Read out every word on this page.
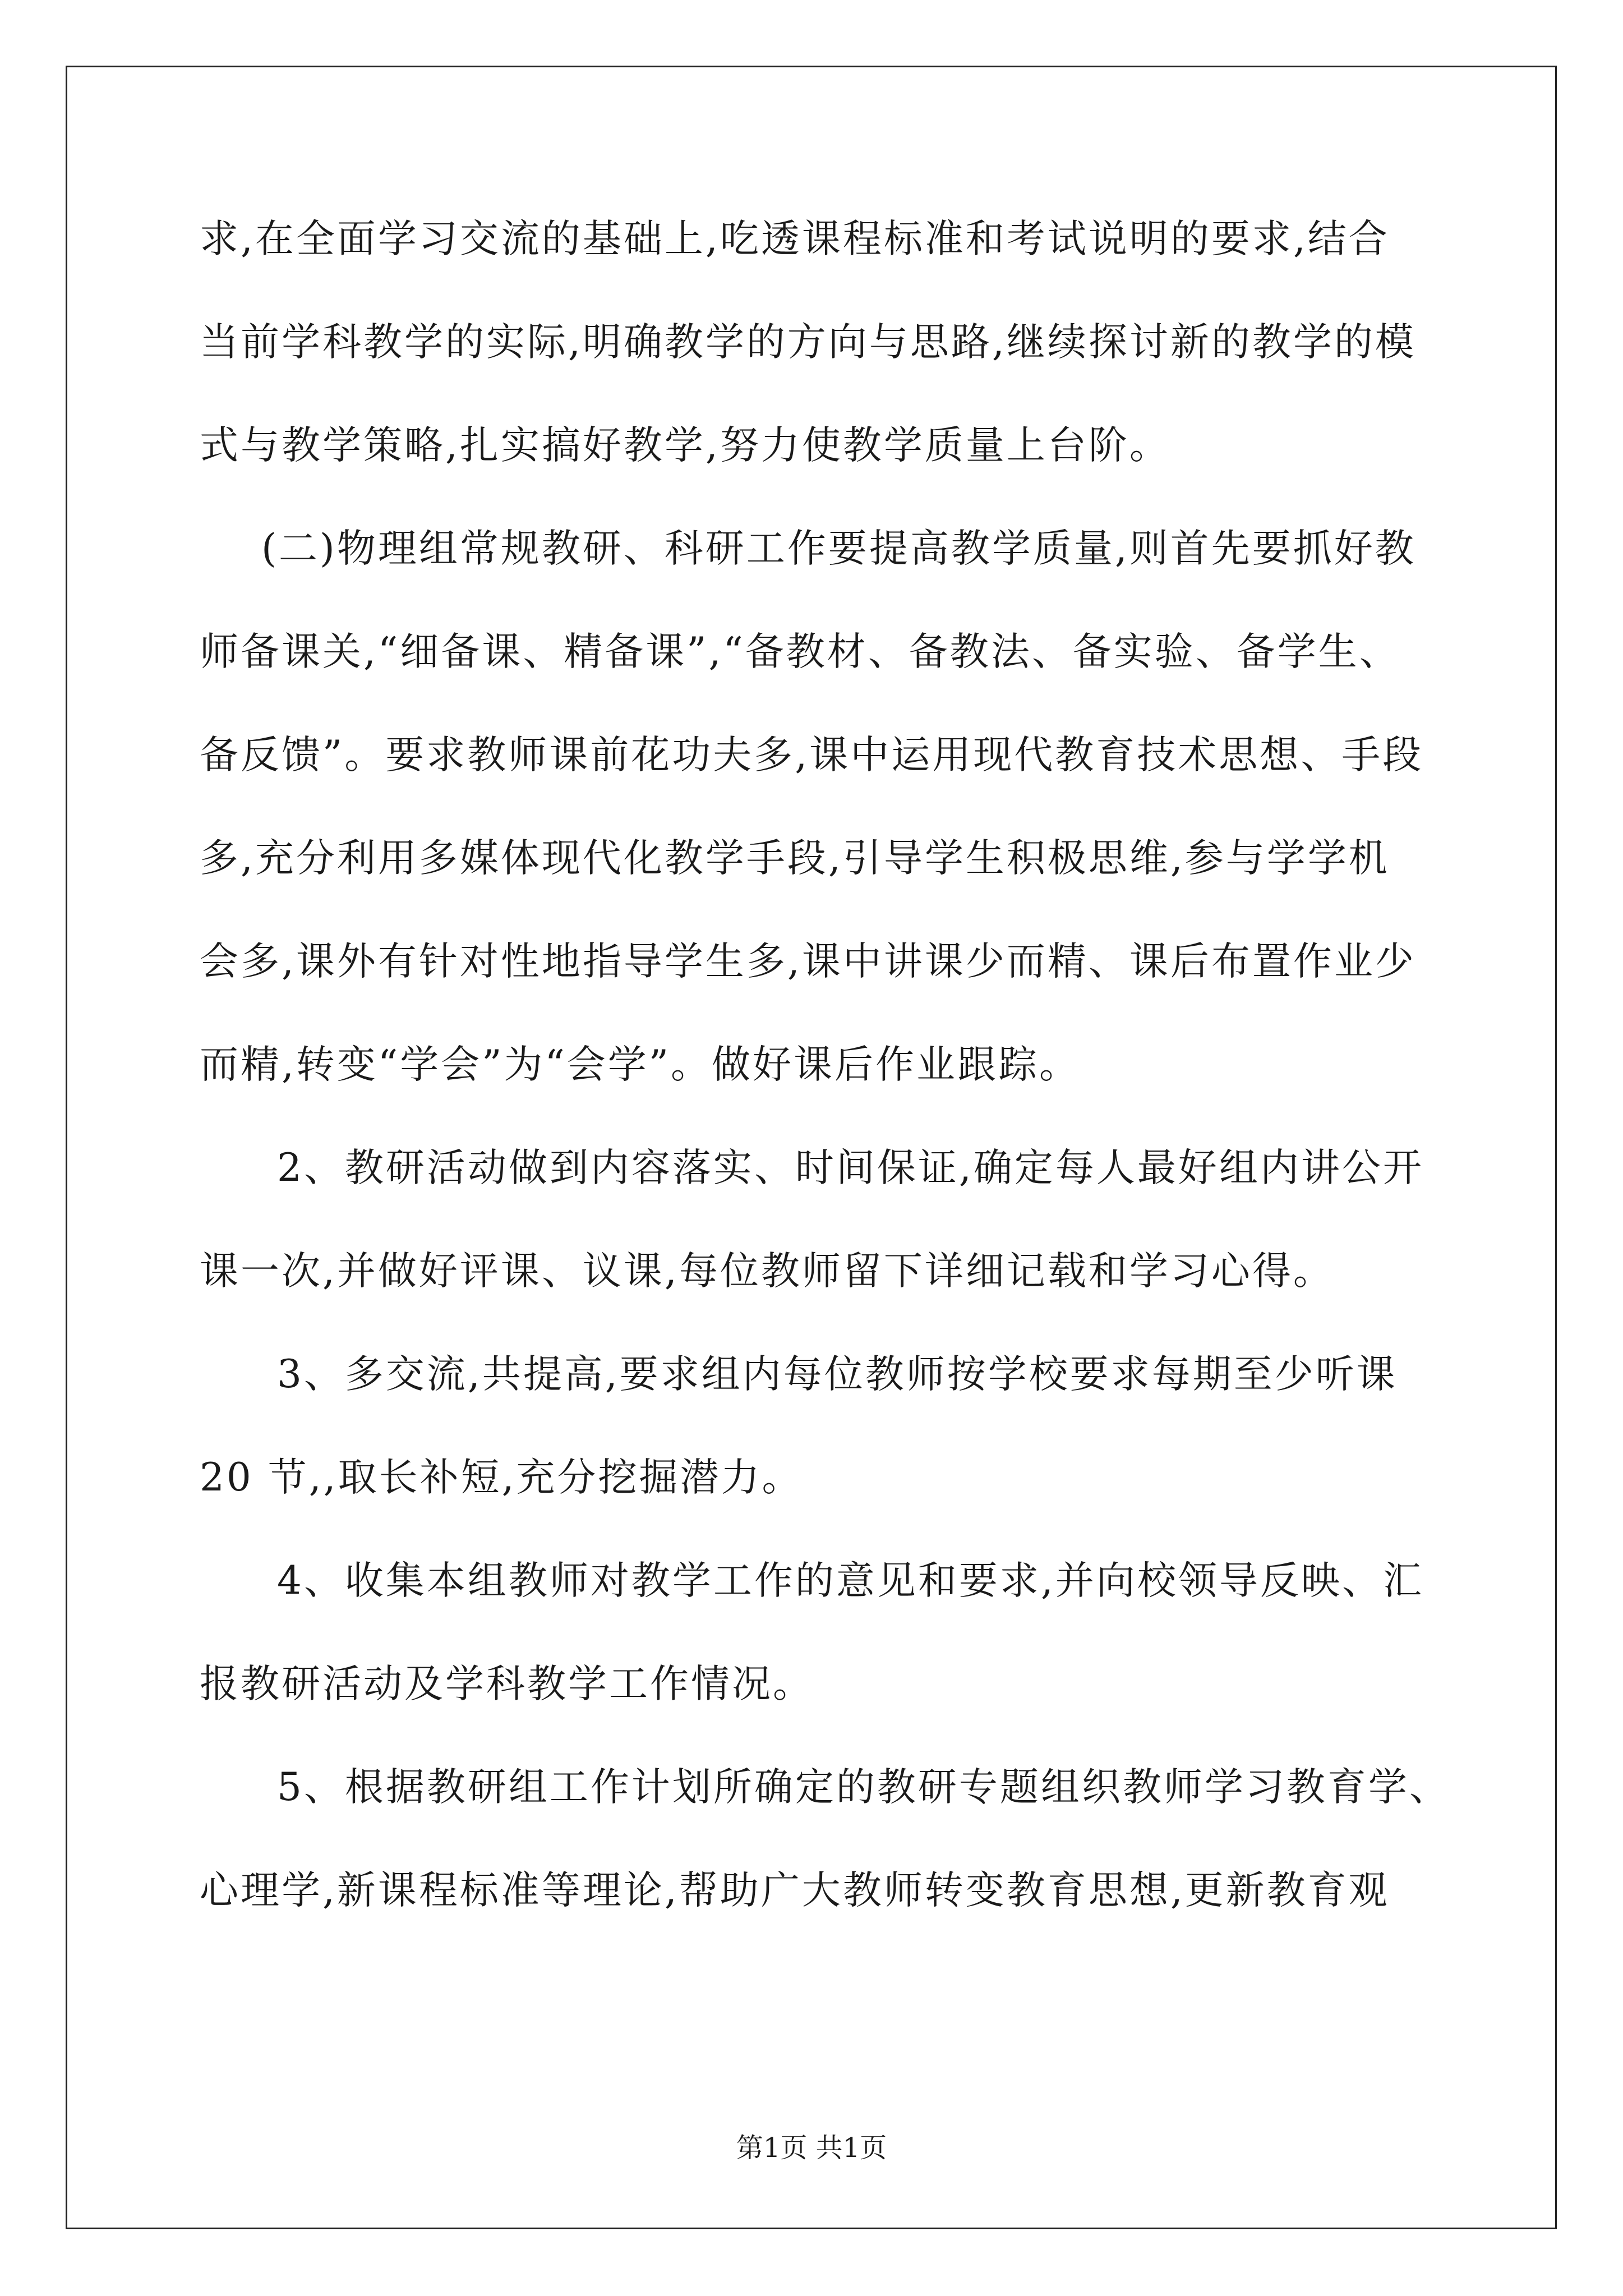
求,在全面学习交流的基础上,吃透课程标准和考试说明的要求,结合
当前学科教学的实际,明确教学的方向与思路,继续探讨新的教学的模
式与教学策略,扎实搞好教学,努力使教学质量上台阶。
(二)物理组常规教研、科研工作要提高教学质量,则首先要抓好教
师备课关,“细备课、精备课”,“备教材、备教法、备实验、备学生、
备反馈”。要求教师课前花功夫多,课中运用现代教育技术思想、手段
多,充分利用多媒体现代化教学手段,引导学生积极思维,参与学学机
会多,课外有针对性地指导学生多,课中讲课少而精、课后布置作业少
而精,转变“学会”为“会学”。做好课后作业跟踪。
2、教研活动做到内容落实、时间保证,确定每人最好组内讲公开
课一次,并做好评课、议课,每位教师留下详细记载和学习心得。
3、多交流,共提高,要求组内每位教师按学校要求每期至少听课
20 节,,取长补短,充分挖掘潜力。
4、收集本组教师对教学工作的意见和要求,并向校领导反映、汇
报教研活动及学科教学工作情况。
5、根据教研组工作计划所确定的教研专题组织教师学习教育学、
心理学,新课程标准等理论,帮助广大教师转变教育思想,更新教育观
第1页 共1页
